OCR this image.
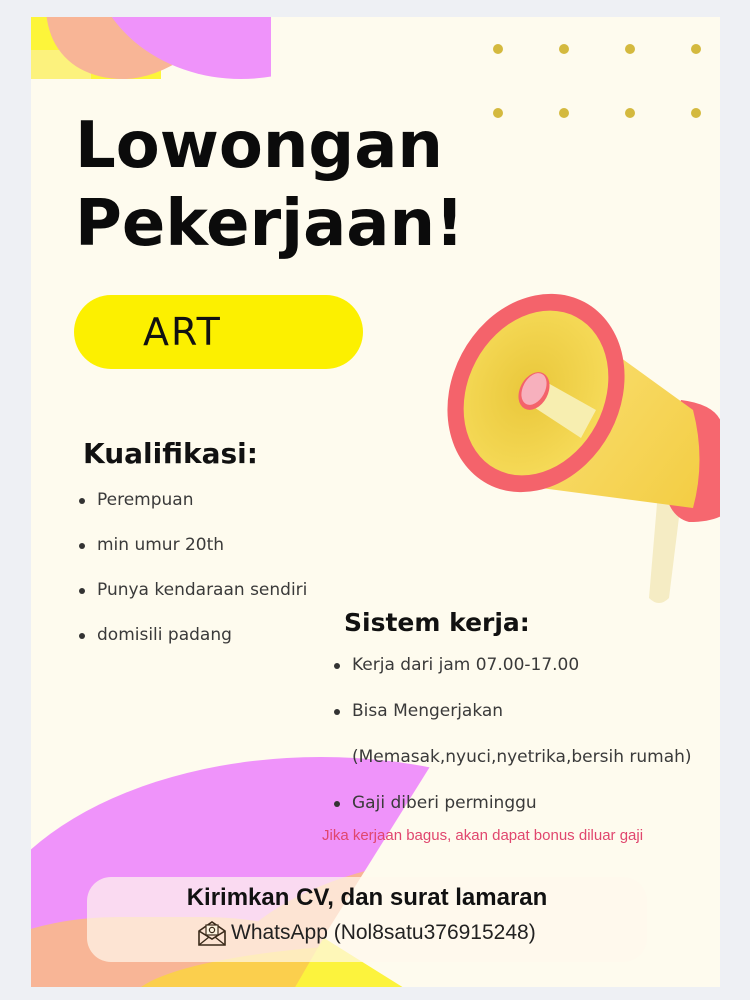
Lowongan
Pekerjaan!
ART
Kualifikasi:
Perempuan
min umur 20th
Punya kendaraan sendiri
domisili padang	Sistem kerja:
Kerja dari jam 07.00-17.00
Bisa Mengerjakan
(Memasak,nyuci,nyetrika,bersih rumah)
Gaji diberi perminggu
Jika kerjaan bagus, akan dapat bonus diluar gaji
Kirimkan CV, dan surat lamaran
WhatsApp (Nol8satu376915248)
